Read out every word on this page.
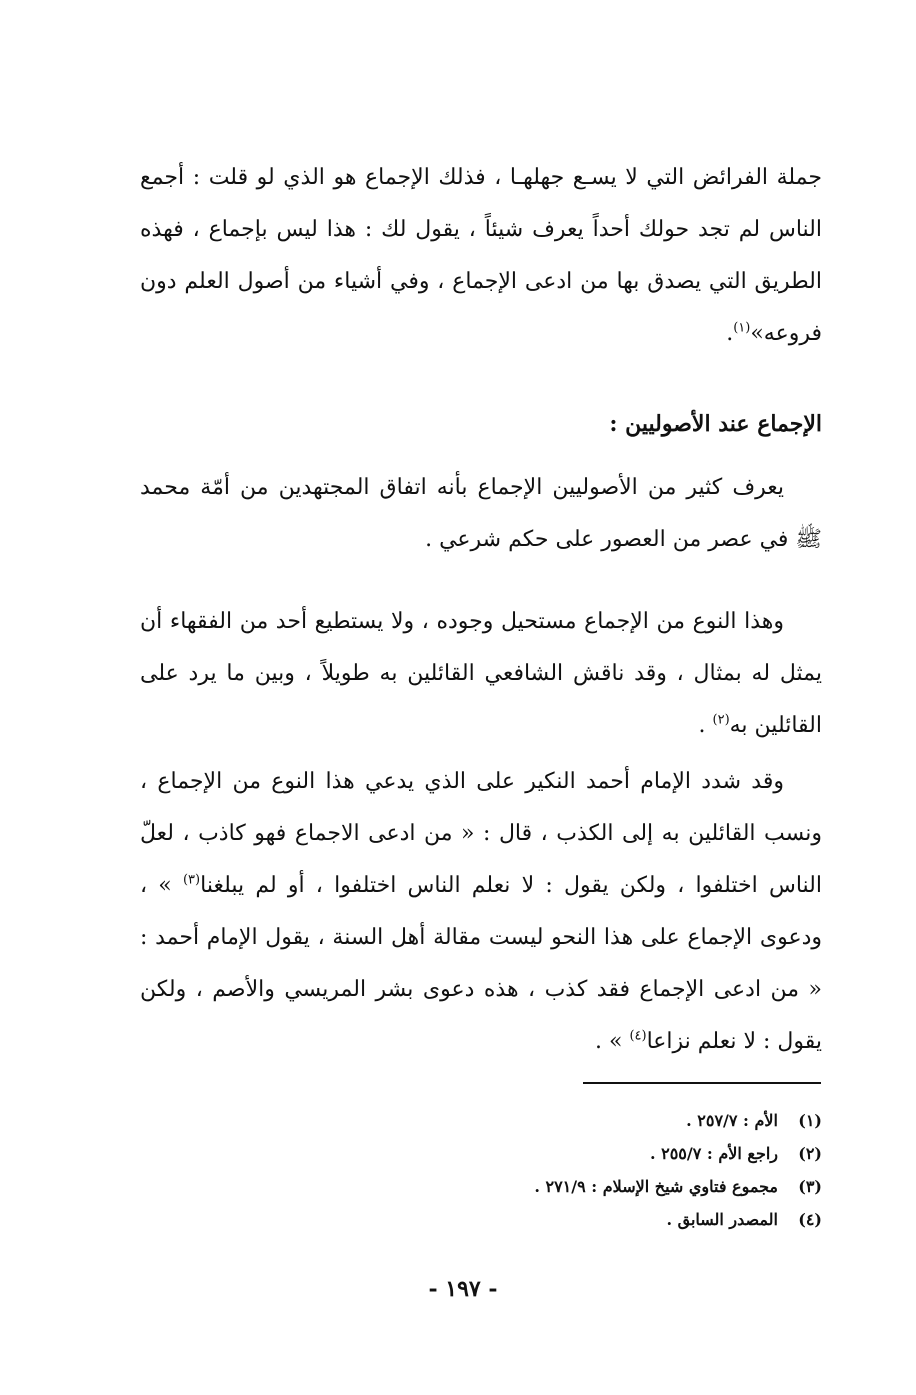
جملة الفرائض التي لا يسـع جهلهـا ، فذلك الإجماع هو الذي لو قلت : أجمع الناس لم تجد حولك أحداً يعرف شيئاً ، يقول لك : هذا ليس بإجماع ، فهذه الطريق التي يصدق بها من ادعى الإجماع ، وفي أشياء من أصول العلم دون فروعه»$^{(١)}$.

الإجماع عند الأصوليين :

يعرف كثير من الأصوليين الإجماع بأنه اتفاق المجتهدين من أمّة محمد ﷺ في عصر من العصور على حكم شرعي .

وهذا النوع من الإجماع مستحيل وجوده ، ولا يستطيع أحد من الفقهاء أن يمثل له بمثال ، وقد ناقش الشافعي القائلين به طويلاً ، وبين ما يرد على القائلين به$^{(٢)}$ .

وقد شدد الإمام أحمد النكير على الذي يدعي هذا النوع من الإجماع ، ونسب القائلين به إلى الكذب ، قال : « من ادعى الاجماع فهو كاذب ، لعلّ الناس اختلفوا ، ولكن يقول : لا نعلم الناس اختلفوا ، أو لم يبلغنا$^{(٣)}$ » ، ودعوى الإجماع على هذا النحو ليست مقالة أهل السنة ، يقول الإمام أحمد : « من ادعى الإجماع فقد كذب ، هذه دعوى بشر المريسي والأصم ، ولكن يقول : لا نعلم نزاعا$^{(٤)}$ » .

(١)
الأم : ٢٥٧/٧ .
(٢)
راجع الأم : ٢٥٥/٧ .
(٣)
مجموع فتاوي شيخ الإسلام : ٢٧١/٩ .
(٤)
المصدر السابق .
- ١٩٧ -
